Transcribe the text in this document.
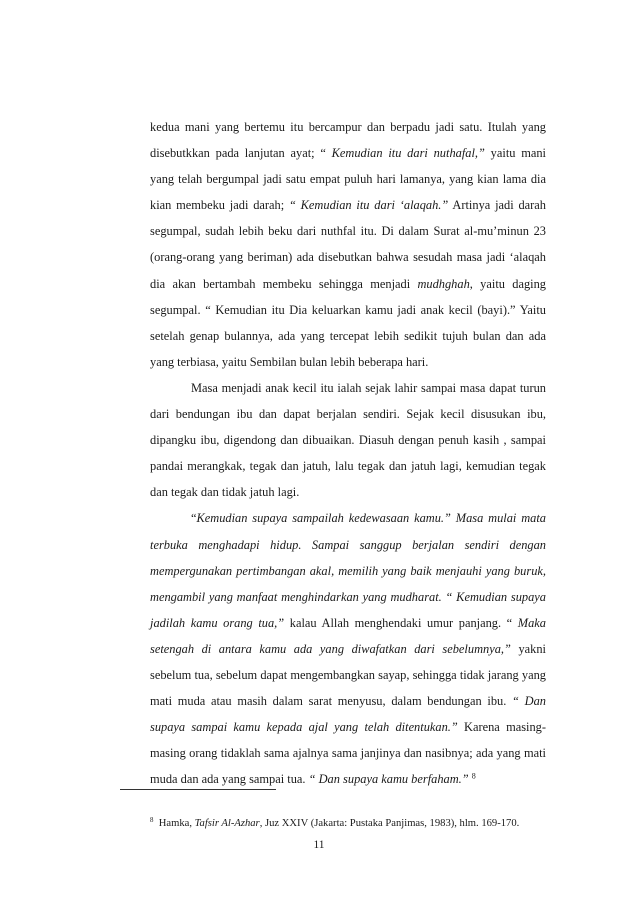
kedua mani yang bertemu itu bercampur dan berpadu jadi satu. Itulah yang disebutkkan pada lanjutan ayat; “ Kemudian itu dari nuthafal,” yaitu mani yang telah bergumpal jadi satu empat puluh hari lamanya, yang kian lama dia kian membeku jadi darah; “ Kemudian itu dari ‘alaqah.” Artinya jadi darah segumpal, sudah lebih beku dari nuthfal itu. Di dalam Surat al-mu’minun 23 (orang-orang yang beriman) ada disebutkan bahwa sesudah masa jadi ‘alaqah dia akan bertambah membeku sehingga menjadi mudhghah, yaitu daging segumpal. “ Kemudian itu Dia keluarkan kamu jadi anak kecil (bayi).” Yaitu setelah genap bulannya, ada yang tercepat lebih sedikit tujuh bulan dan ada yang terbiasa, yaitu Sembilan bulan lebih beberapa hari.

Masa menjadi anak kecil itu ialah sejak lahir sampai masa dapat turun dari bendungan ibu dan dapat berjalan sendiri. Sejak kecil disusukan ibu, dipangku ibu, digendong dan dibuaikan. Diasuh dengan penuh kasih , sampai pandai merangkak, tegak dan jatuh, lalu tegak dan jatuh lagi, kemudian tegak dan tegak dan tidak jatuh lagi.

“Kemudian supaya sampailah kedewasaan kamu.” Masa mulai mata terbuka menghadapi hidup. Sampai sanggup berjalan sendiri dengan mempergunakan pertimbangan akal, memilih yang baik menjauhi yang buruk, mengambil yang manfaat menghindarkan yang mudharat. “ Kemudian supaya jadilah kamu orang tua,” kalau Allah menghendaki umur panjang. “ Maka setengah di antara kamu ada yang diwafatkan dari sebelumnya,” yakni sebelum tua, sebelum dapat mengembangkan sayap, sehingga tidak jarang yang mati muda atau masih dalam sarat menyusu, dalam bendungan ibu. “ Dan supaya sampai kamu kepada ajal yang telah ditentukan.” Karena masing-masing orang tidaklah sama ajalnya sama janjinya dan nasibnya; ada yang mati muda dan ada yang sampai tua. “ Dan supaya kamu berfaham.” $^8$

$^8$ Hamka, Tafsir Al-Azhar, Juz XXIV (Jakarta: Pustaka Panjimas, 1983), hlm. 169-170.

11
